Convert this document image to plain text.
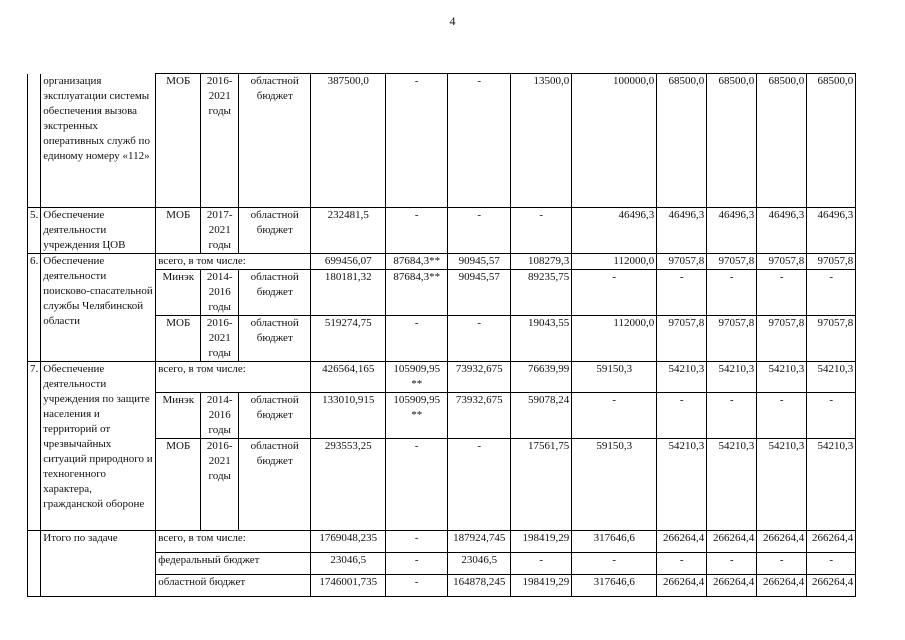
4
	организация эксплуатации системы обеспечения вызова экстренных оперативных служб по единому номеру «112»	МОБ	2016-2021 годы	областной бюджет	387500,0	-	-	13500,0	100000,0	68500,0	68500,0	68500,0	68500,0
5.	Обеспечение деятельности учреждения ЦОВ	МОБ	2017-2021 годы	областной бюджет	232481,5	-	-	-	46496,3	46496,3	46496,3	46496,3	46496,3
6.	Обеспечение деятельности поисково-спасательной службы Челябинской области	всего, в том числе:			699456,07	87684,3**	90945,57	108279,3	112000,0	97057,8	97057,8	97057,8	97057,8
		Минэк	2014-2016 годы	областной бюджет	180181,32	87684,3**	90945,57	89235,75	-	-	-	-	-
		МОБ	2016-2021 годы	областной бюджет	519274,75	-	-	19043,55	112000,0	97057,8	97057,8	97057,8	97057,8
7.	Обеспечение деятельности учреждения по защите населения и территорий от чрезвычайных ситуаций природного и техногенного характера, гражданской обороне	всего, в том числе:			426564,165	105909,95 **	73932,675	76639,99	59150,3	54210,3	54210,3	54210,3	54210,3
		Минэк	2014-2016 годы	областной бюджет	133010,915	105909,95 **	73932,675	59078,24	-	-	-	-	-
		МОБ	2016-2021 годы	областной бюджет	293553,25	-	-	17561,75	59150,3	54210,3	54210,3	54210,3	54210,3
	Итого по задаче	всего, в том числе:			1769048,235	-	187924,745	198419,29	317646,6	266264,4	266264,4	266264,4	266264,4
		федеральный бюджет			23046,5	-	23046,5	-	-	-	-	-	-
		областной бюджет			1746001,735	-	164878,245	198419,29	317646,6	266264,4	266264,4	266264,4	266264,4
